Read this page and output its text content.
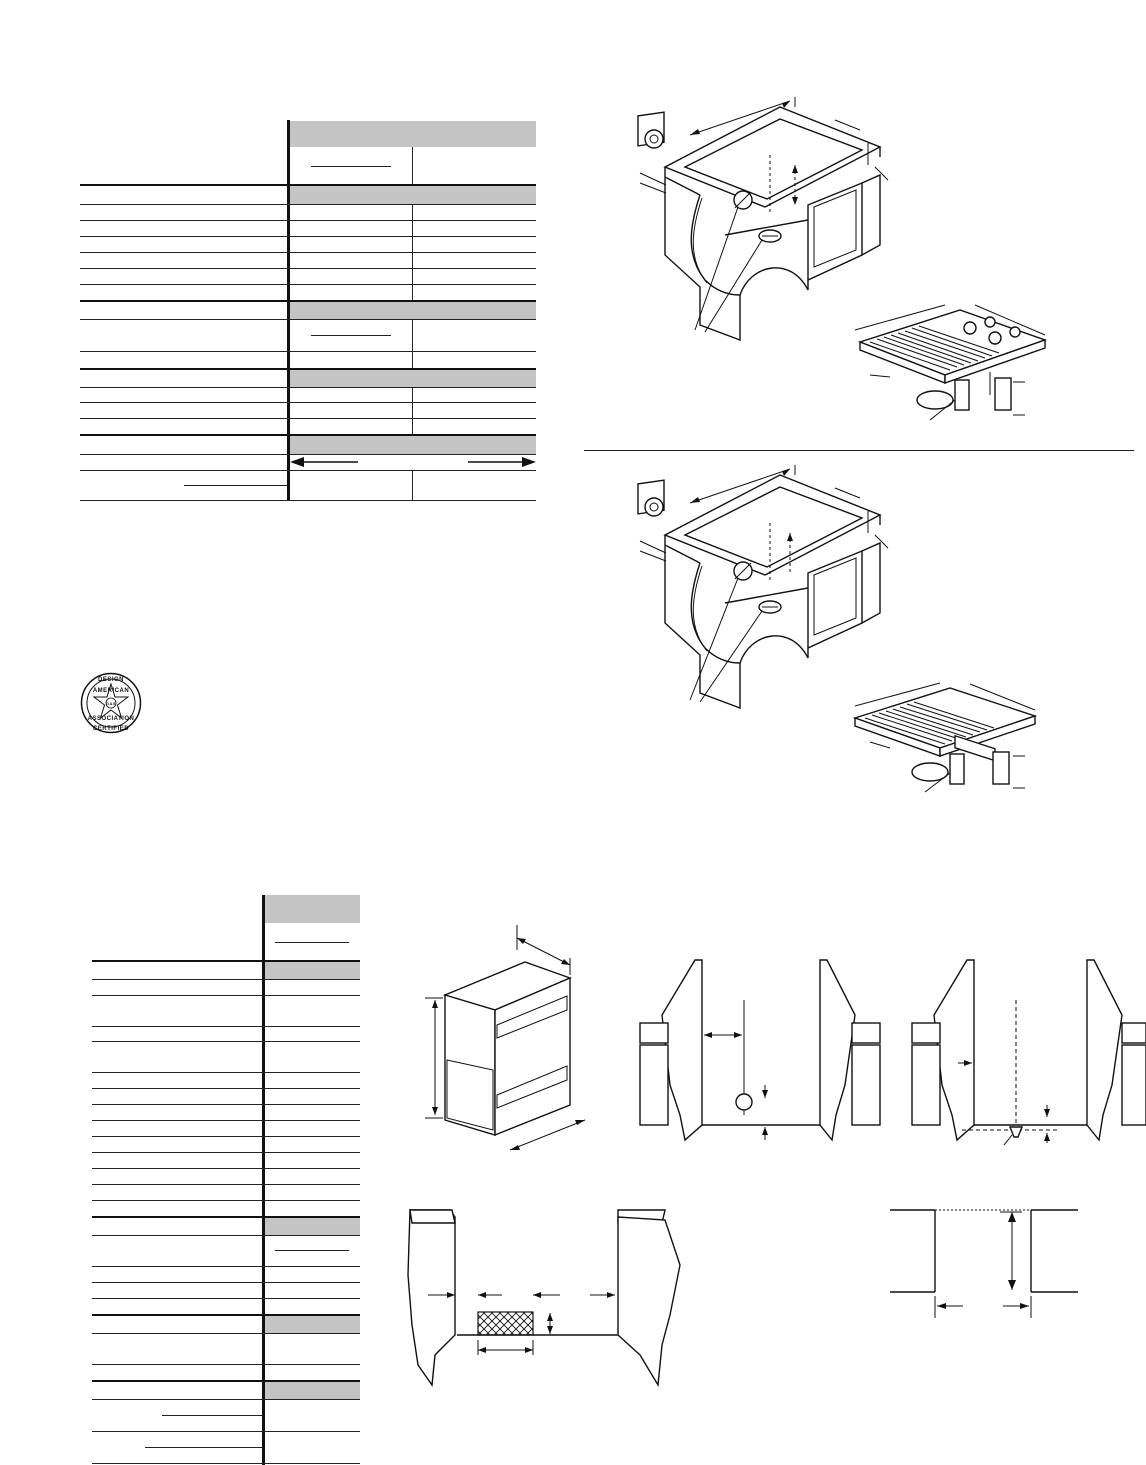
DESIGN
AMERICAN
GAS
ASSOCIATION
CERTIFIED
